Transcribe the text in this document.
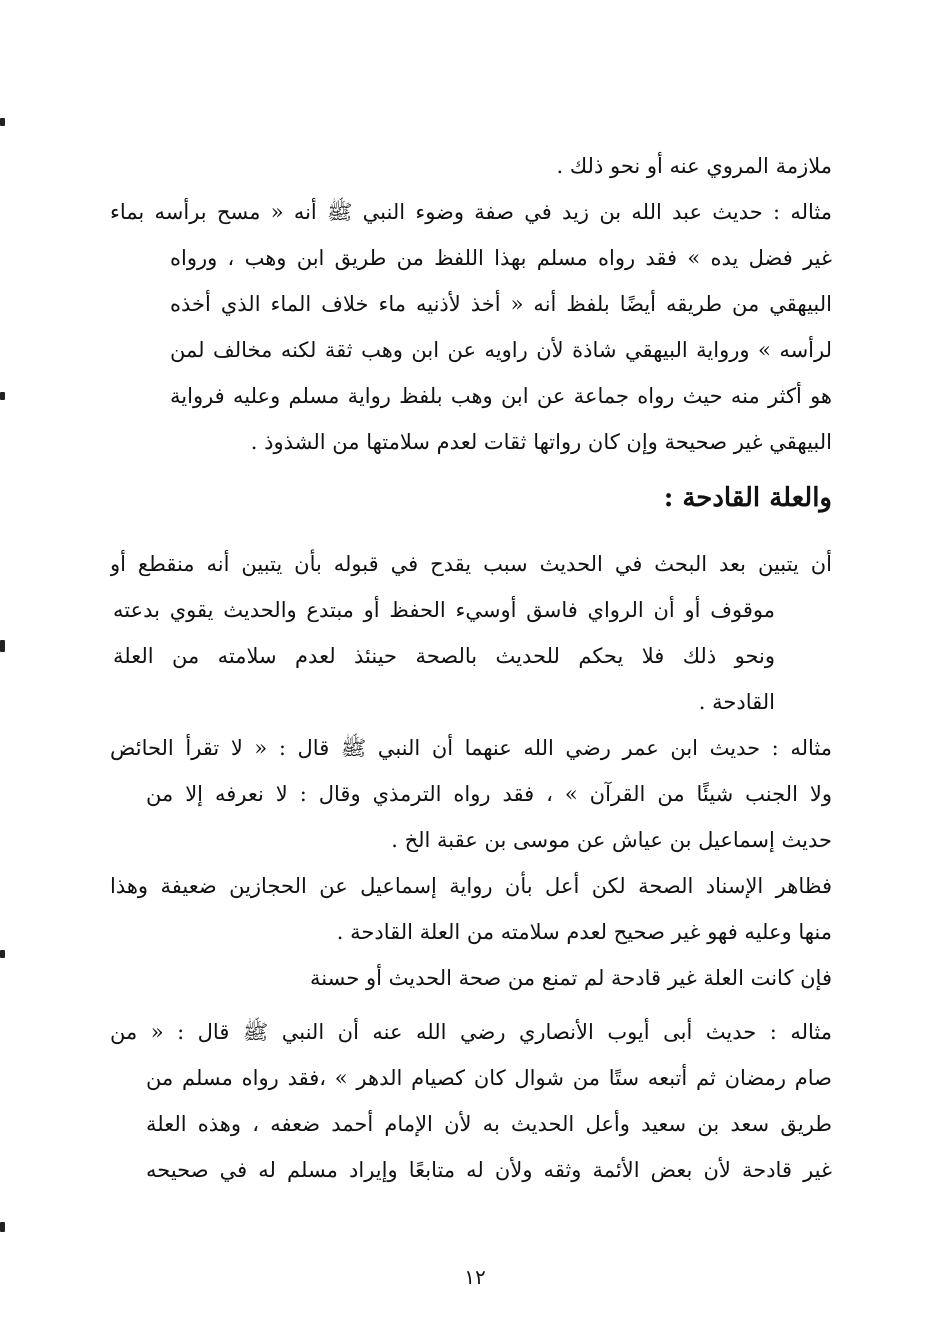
ملازمة المروي عنه أو نحو ذلك .
مثاله : حديث عبد الله بن زيد في صفة وضوء النبي ﷺ أنه « مسح برأسه بماء
غير فضل يده » فقد رواه مسلم بهذا اللفظ من طريق ابن وهب ، ورواه
البيهقي من طريقه أيضًا بلفظ أنه « أخذ لأذنيه ماء خلاف الماء الذي أخذه
لرأسه » ورواية البيهقي شاذة لأن راويه عن ابن وهب ثقة لكنه مخالف لمن
هو أكثر منه حيث رواه جماعة عن ابن وهب بلفظ رواية مسلم وعليه فرواية
البيهقي غير صحيحة وإن كان رواتها ثقات لعدم سلامتها من الشذوذ .
والعلة القادحة :
أن يتبين بعد البحث في الحديث سبب يقدح في قبوله بأن يتبين أنه منقطع أو
موقوف أو أن الرواي فاسق أوسيء الحفظ أو مبتدع والحديث يقوي بدعته
ونحو ذلك فلا يحكم للحديث بالصحة حينئذ لعدم سلامته من العلة
القادحة .
مثاله : حديث ابن عمر رضي الله عنهما أن النبي ﷺ قال : « لا تقرأ الحائض
ولا الجنب شيئًا من القرآن » ، فقد رواه الترمذي وقال : لا نعرفه إلا من
حديث إسماعيل بن عياش عن موسى بن عقبة الخ .
فظاهر الإسناد الصحة لكن أعل بأن رواية إسماعيل عن الحجازين ضعيفة وهذا
منها وعليه فهو غير صحيح لعدم سلامته من العلة القادحة .
فإن كانت العلة غير قادحة لم تمنع من صحة الحديث أو حسنة
مثاله : حديث أبى أيوب الأنصاري رضي الله عنه أن النبي ﷺ قال : « من
صام رمضان ثم أتبعه ستًا من شوال كان كصيام الدهر » ،فقد رواه مسلم من
طريق سعد بن سعيد وأعل الحديث به لأن الإمام أحمد ضعفه ، وهذه العلة
غير قادحة لأن بعض الأئمة وثقه ولأن له متابعًا وإيراد مسلم له في صحيحه
١٢
